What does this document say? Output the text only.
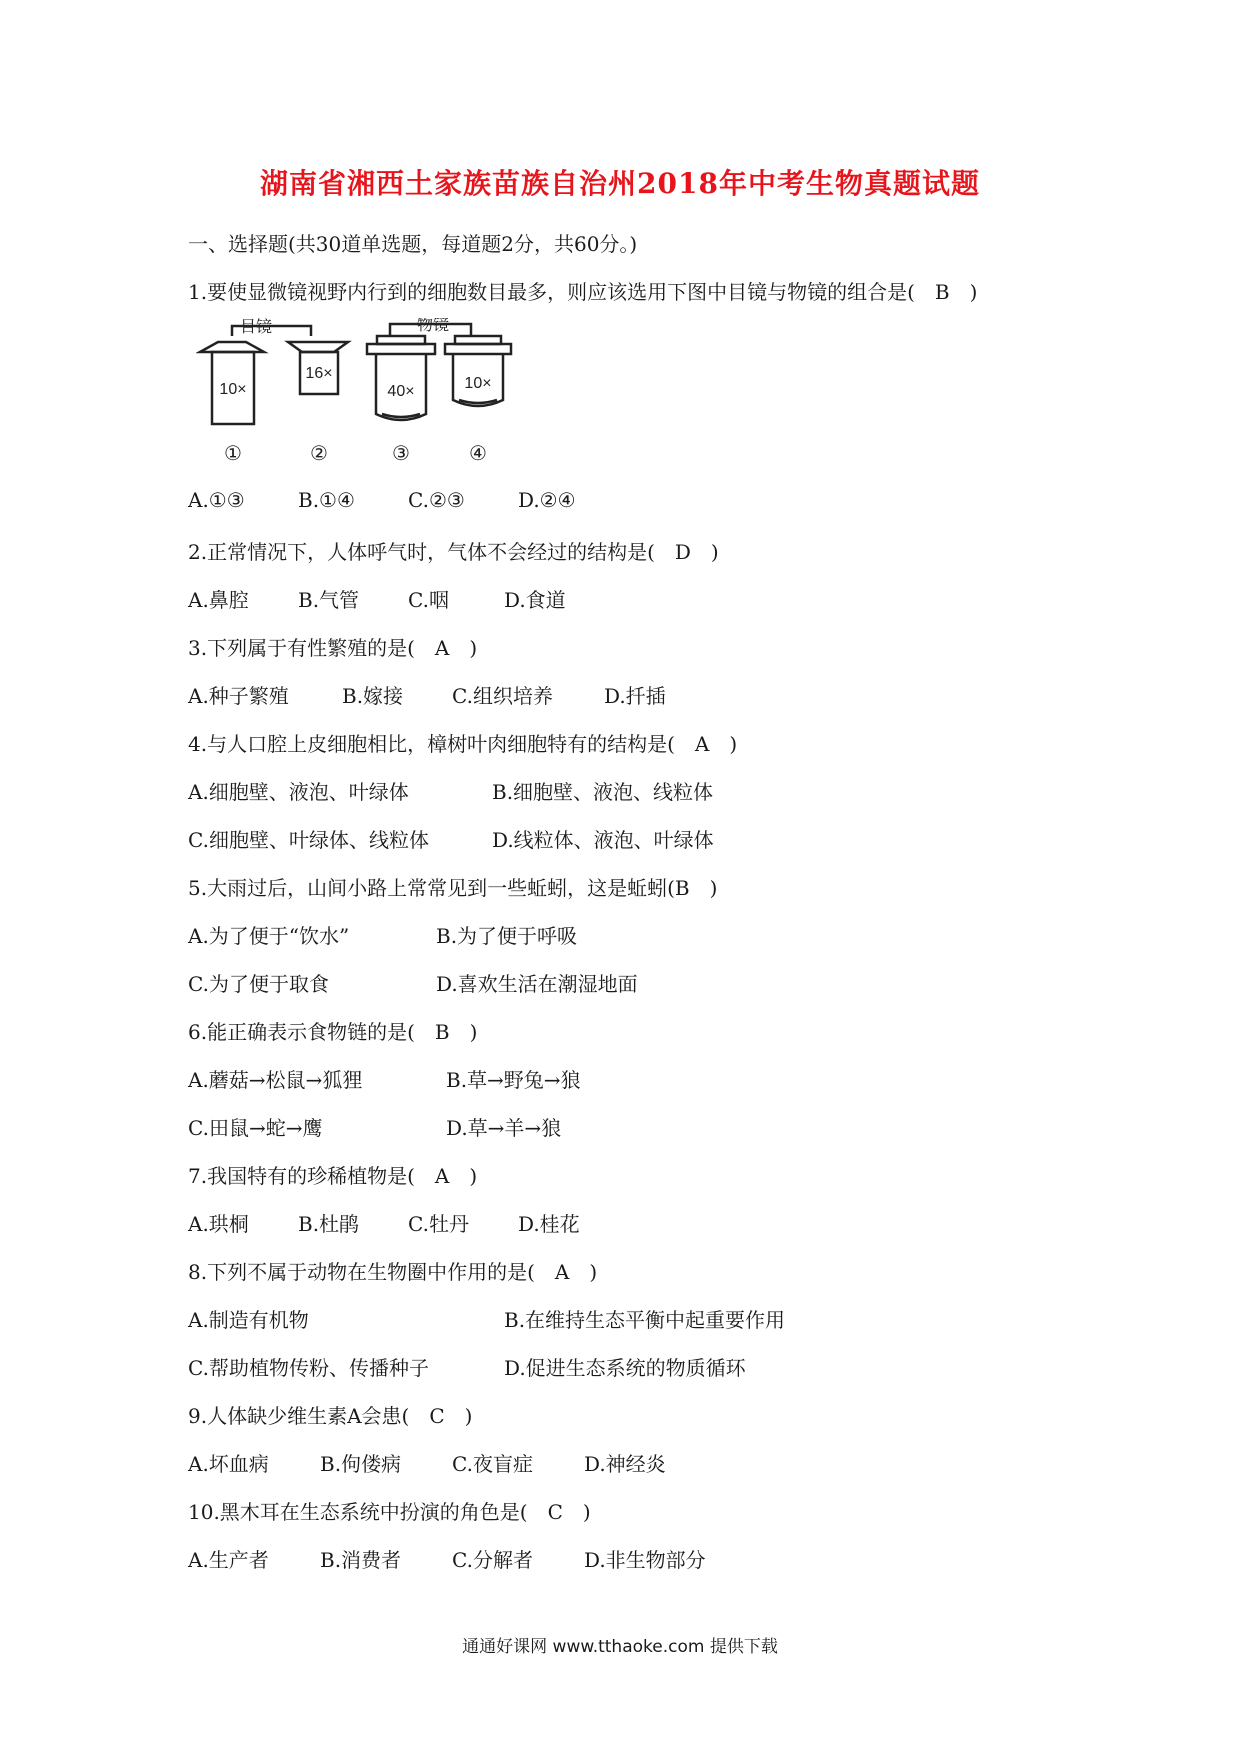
湖南省湘西土家族苗族自治州2018年中考生物真题试题
一、选择题(共30道单选题，每道题2分，共60分。)
1.要使显微镜视野内行到的细胞数目最多，则应该选用下图中目镜与物镜的组合是(　B　)
目镜	物镜
10×
16×
40×	10×
①	②	③	④
A.①③	B.①④	C.②③	D.②④
2.正常情况下，人体呼气时，气体不会经过的结构是(　D　)
A.鼻腔 B.气管 C.咽	D.食道
3.下列属于有性繁殖的是(　A　)
A.种子繁殖	B.嫁接 C.组织培养	D.扦插
4.与人口腔上皮细胞相比，樟树叶肉细胞特有的结构是(　A　)
A.细胞壁、液泡、叶绿体	B.细胞壁、液泡、线粒体
C.细胞壁、叶绿体、线粒体	D.线粒体、液泡、叶绿体
5.大雨过后，山间小路上常常见到一些蚯蚓，这是蚯蚓(B　)
A.为了便于“饮水”	B.为了便于呼吸
C.为了便于取食	D.喜欢生活在潮湿地面
6.能正确表示食物链的是(　B　)
A.蘑菇→松鼠→狐狸	B.草→野兔→狼
C.田鼠→蛇→鹰	D.草→羊→狼
7.我国特有的珍稀植物是(　A　)
A.珙桐 B.杜鹃 C.牡丹 D.桂花
8.下列不属于动物在生物圈中作用的是(　A　)
A.制造有机物	B.在维持生态平衡中起重要作用
C.帮助植物传粉、传播种子	D.促进生态系统的物质循环
9.人体缺少维生素A会患(　C　)
A.坏血病	B.佝偻病	C.夜盲症	D.神经炎
10.黑木耳在生态系统中扮演的角色是(　C　)
A.生产者	B.消费者	C.分解者	D.非生物部分
通通好课网 www.tthaoke.com 提供下载
